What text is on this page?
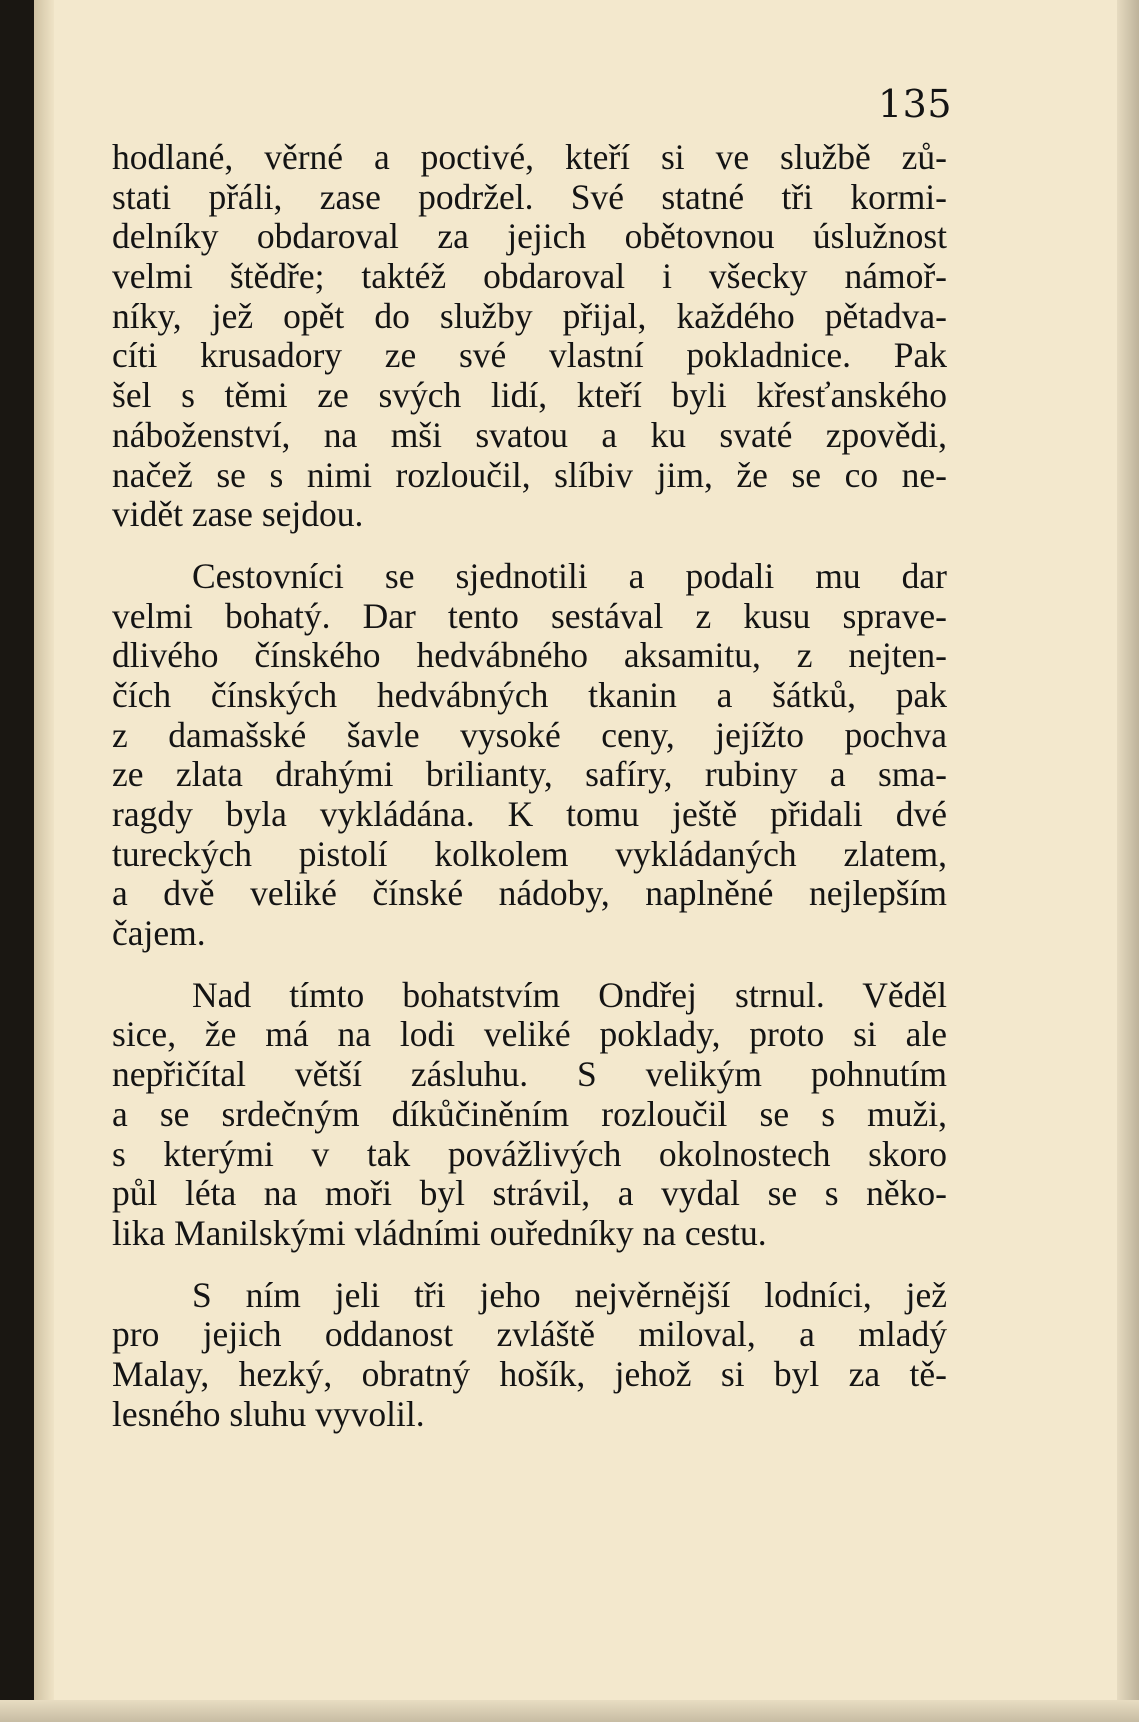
135
hodlané, věrné a poctivé, kteří si ve službě zů-
stati přáli, zase podržel. Své statné tři kormi-
delníky obdaroval za jejich obětovnou úslužnost
velmi štědře; taktéž obdaroval i všecky námoř-
níky, jež opět do služby přijal, každého pětadva-
cíti krusadory ze své vlastní pokladnice. Pak
šel s těmi ze svých lidí, kteří byli křesťanského
náboženství, na mši svatou a ku svaté zpovědi,
načež se s nimi rozloučil, slíbiv jim, že se co ne-
vidět zase sejdou.
Cestovníci se sjednotili a podali mu dar
velmi bohatý. Dar tento sestával z kusu sprave-
dlivého čínského hedvábného aksamitu, z nejten-
čích čínských hedvábných tkanin a šátků, pak
z damašské šavle vysoké ceny, jejížto pochva
ze zlata drahými brilianty, safíry, rubiny a sma-
ragdy byla vykládána. K tomu ještě přidali dvé
tureckých pistolí kolkolem vykládaných zlatem,
a dvě veliké čínské nádoby, naplněné nejlepším
čajem.
Nad tímto bohatstvím Ondřej strnul. Věděl
sice, že má na lodi veliké poklady, proto si ale
nepřičítal větší zásluhu. S velikým pohnutím
a se srdečným díkůčiněním rozloučil se s muži,
s kterými v tak povážlivých okolnostech skoro
půl léta na moři byl strávil, a vydal se s něko-
lika Manilskými vládními ouředníky na cestu.
S ním jeli tři jeho nejvěrnější lodníci, jež
pro jejich oddanost zvláště miloval, a mladý
Malay, hezký, obratný hošík, jehož si byl za tě-
lesného sluhu vyvolil.
